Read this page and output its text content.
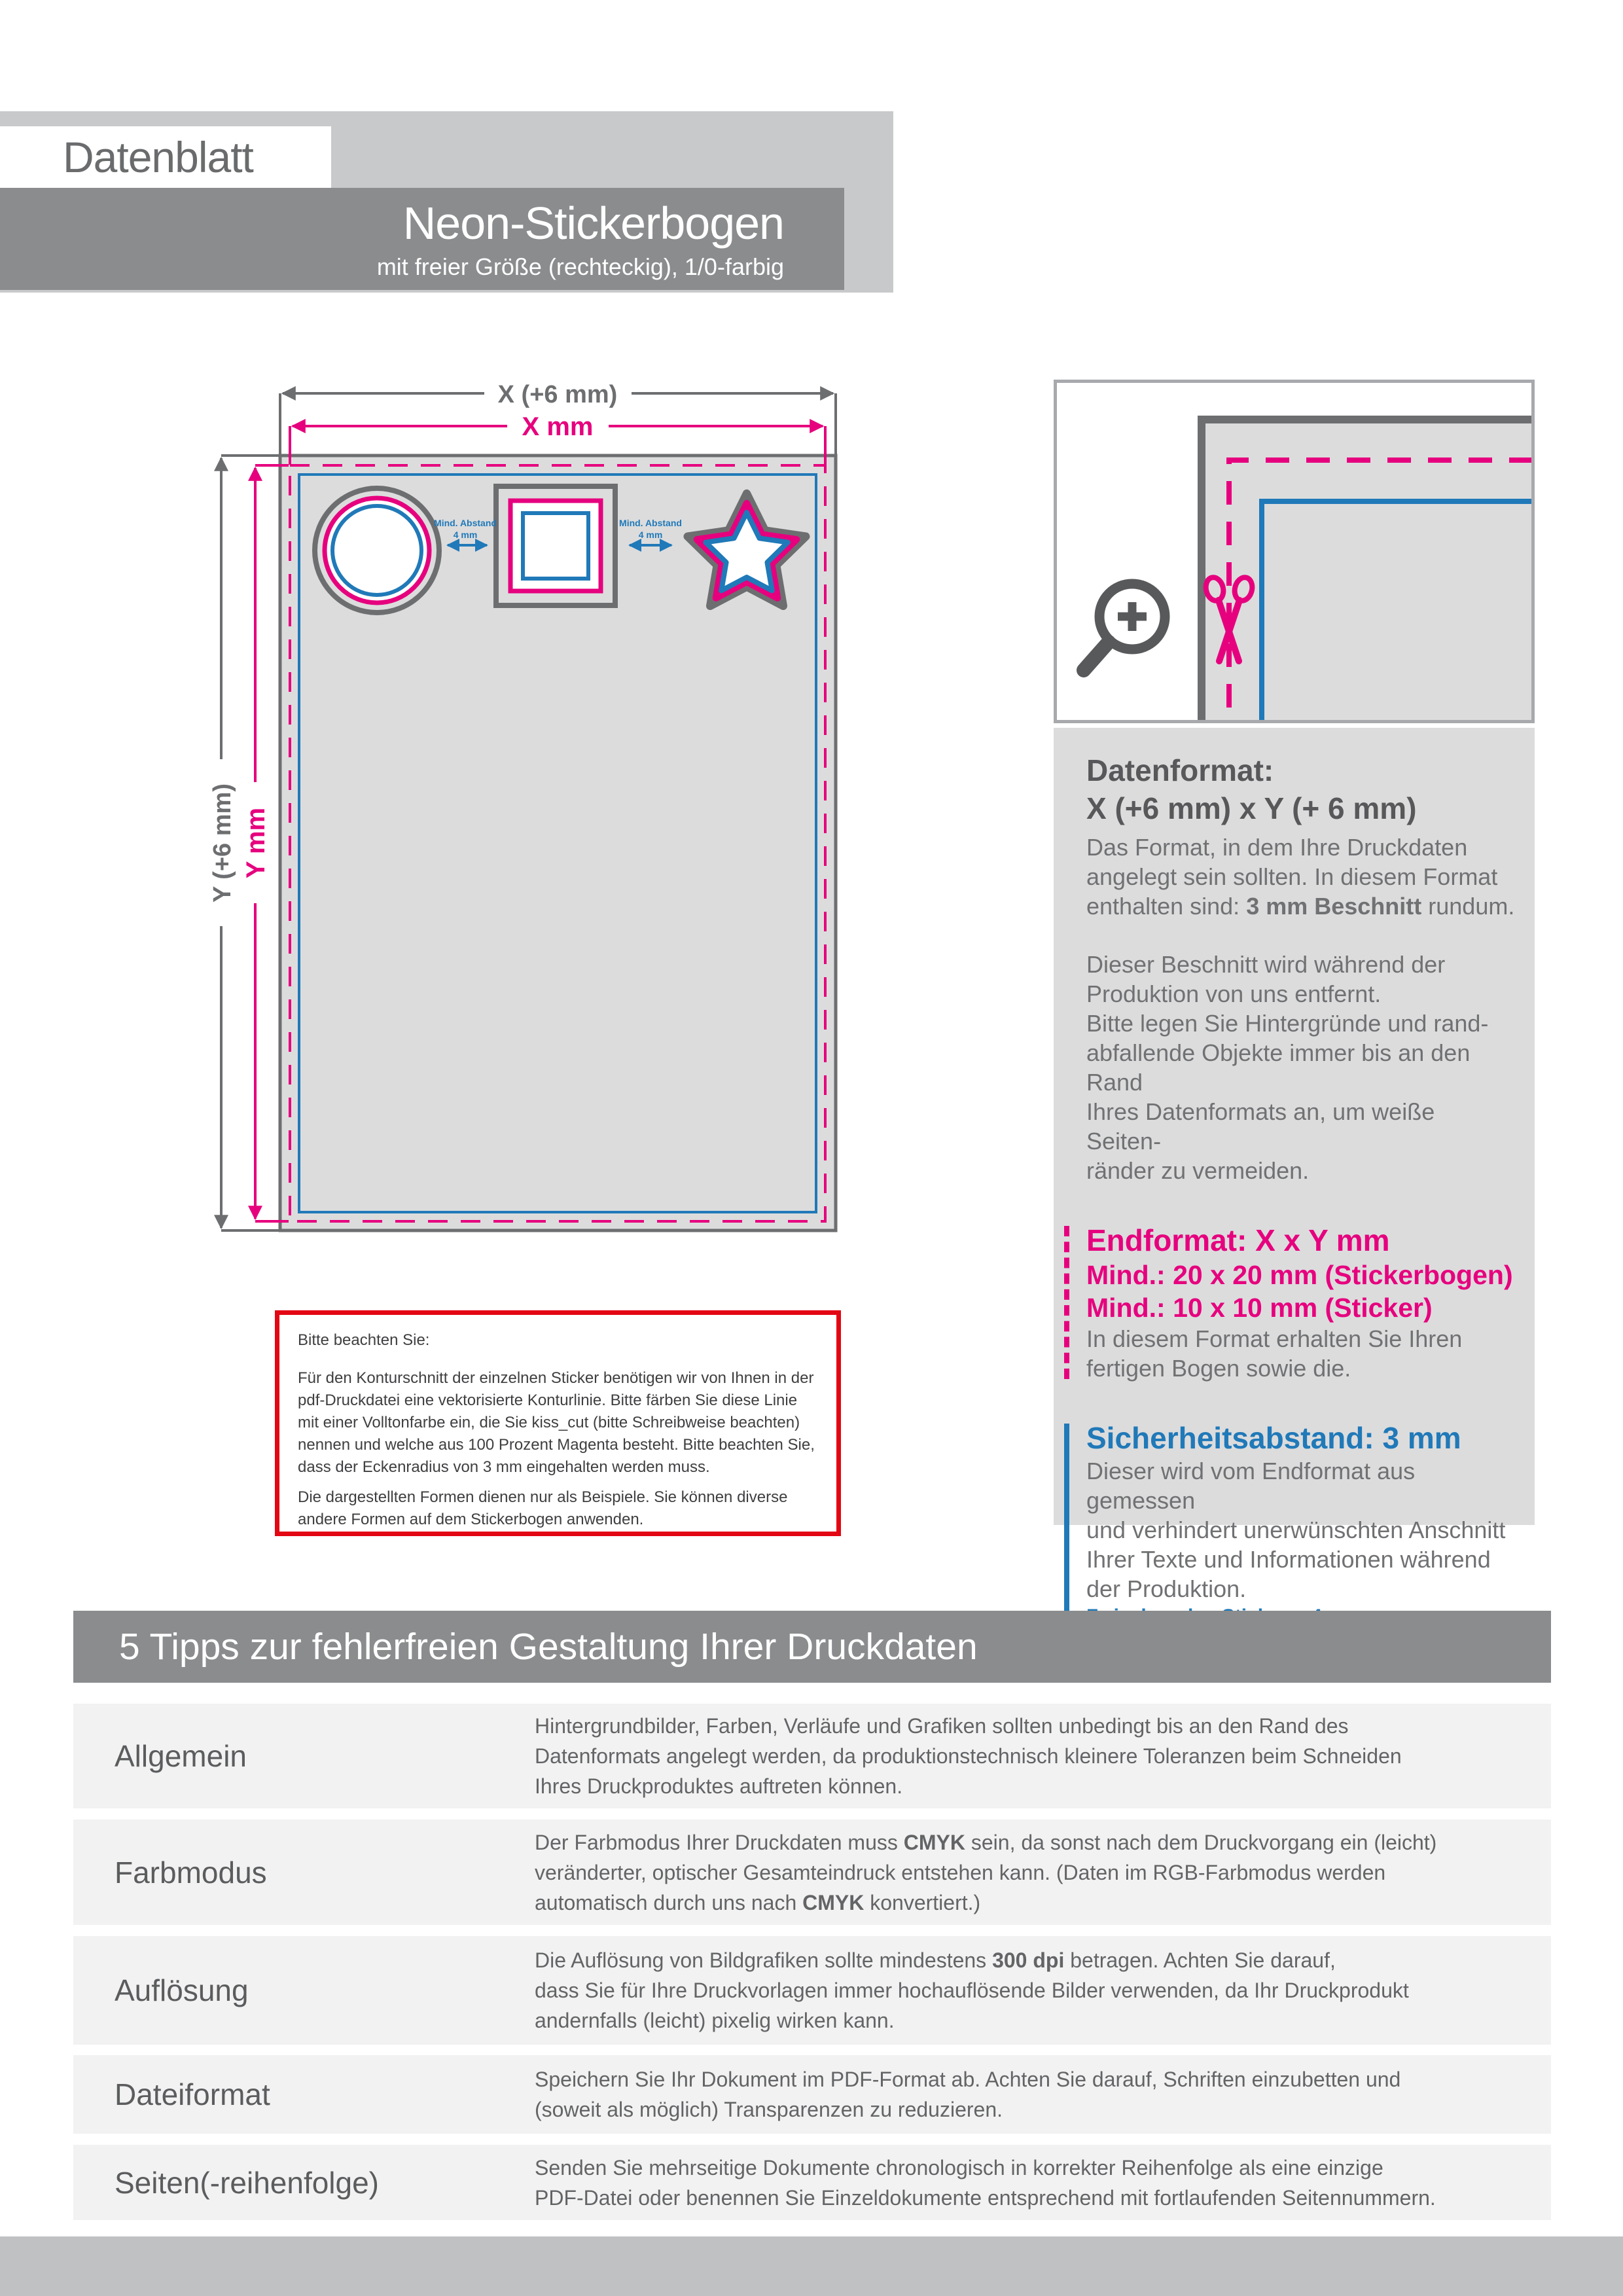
Datenblatt
Neon-Stickerbogen
mit freier Größe (rechteckig), 1/0-farbig
Mind. Abstand
4 mm
Mind. Abstand
4 mm
X (+6 mm)
X mm
Y (+6 mm) Y mm
Datenformat:
X (+6 mm) x Y (+ 6 mm)
Das Format, in dem Ihre Druckdaten
angelegt sein sollten. In diesem Format
enthalten sind: 3 mm Beschnitt rundum.
Dieser Beschnitt wird während der
Produktion von uns entfernt.
Bitte legen Sie Hintergründe und rand-
abfallende Objekte immer bis an den Rand
Ihres Datenformats an, um weiße Seiten-
ränder zu vermeiden.
Endformat: X x Y mm
Mind.: 20 x 20 mm (Stickerbogen)
Mind.: 10 x 10 mm (Sticker)
In diesem Format erhalten Sie Ihren
fertigen Bogen sowie die.
Sicherheitsabstand: 3 mm
Dieser wird vom Endformat aus gemessen
und verhindert unerwünschten Anschnitt
Ihrer Texte und Informationen während
der Produktion.
Bitte beachten Sie:
Für den Konturschnitt der einzelnen Sticker benötigen wir von Ihnen in der
pdf-Druckdatei eine vektorisierte Konturlinie. Bitte färben Sie diese Linie
mit einer Volltonfarbe ein, die Sie kiss_cut (bitte Schreibweise beachten)
nennen und welche aus 100 Prozent Magenta besteht. Bitte beachten Sie,
dass der Eckenradius von 3 mm eingehalten werden muss.
Die dargestellten Formen dienen nur als Beispiele. Sie können diverse
andere Formen auf dem Stickerbogen anwenden.
5 Tipps zur fehlerfreien Gestaltung Ihrer Druckdaten
Allgemein
Hintergrundbilder, Farben, Verläufe und Grafiken sollten unbedingt bis an den Rand des
Datenformats angelegt werden, da produktionstechnisch kleinere Toleranzen beim Schneiden
Ihres Druckproduktes auftreten können.
Farbmodus
Der Farbmodus Ihrer Druckdaten muss CMYK sein, da sonst nach dem Druckvorgang ein (leicht)
veränderter, optischer Gesamteindruck entstehen kann. (Daten im RGB-Farbmodus werden
automatisch durch uns nach CMYK konvertiert.)
Auflösung
Die Auflösung von Bildgrafiken sollte mindestens 300 dpi betragen. Achten Sie darauf,
dass Sie für Ihre Druckvorlagen immer hochauflösende Bilder verwenden, da Ihr Druckprodukt
andernfalls (leicht) pixelig wirken kann.
Dateiformat	Speichern Sie Ihr Dokument im PDF-Format ab. Achten Sie darauf, Schriften einzubetten und
(soweit als möglich) Transparenzen zu reduzieren.
Seiten(-reihenfolge)	Senden Sie mehrseitige Dokumente chronologisch in korrekter Reihenfolge als eine einzige
PDF-Datei oder benennen Sie Einzeldokumente entsprechend mit fortlaufenden Seitennummern.
